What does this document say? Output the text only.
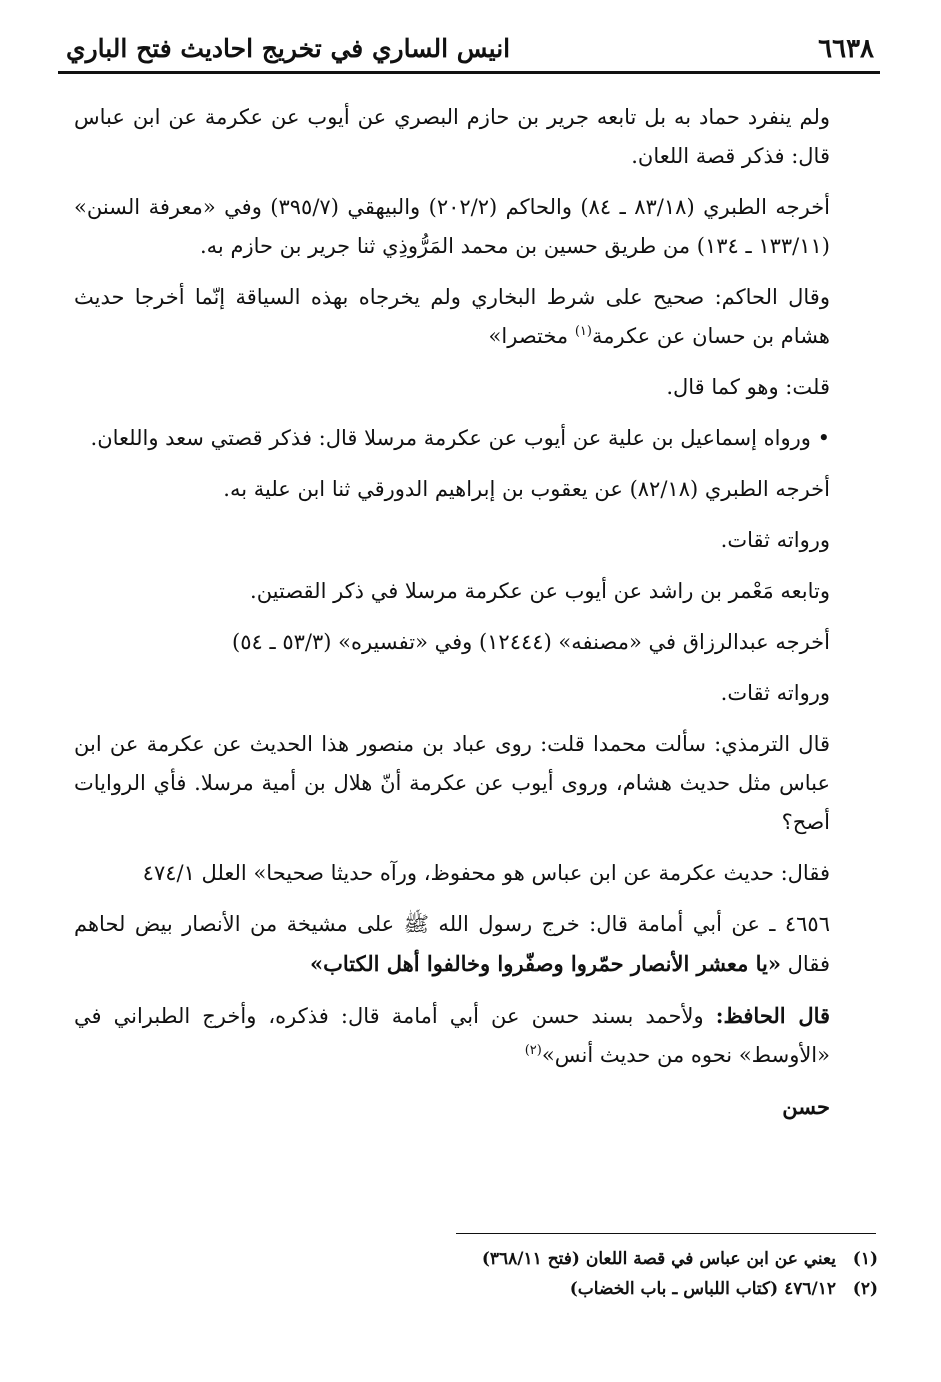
٦٦٣٨
انيس الساري في تخريج احاديث فتح الباري

ولم ينفرد حماد به بل تابعه جرير بن حازم البصري عن أيوب عن عكرمة عن ابن عباس قال: فذكر قصة اللعان.

أخرجه الطبري (٨٣/١٨ ـ ٨٤) والحاكم (٢٠٢/٢) والبيهقي (٣٩٥/٧) وفي «معرفة السنن» (١٣٣/١١ ـ ١٣٤) من طريق حسين بن محمد المَرُّوذِي ثنا جرير بن حازم به.

وقال الحاكم: صحيح على شرط البخاري ولم يخرجاه بهذه السياقة إنّما أخرجا حديث هشام بن حسان عن عكرمة$^{(١)}$ مختصرا»

قلت: وهو كما قال.

• ورواه إسماعيل بن علية عن أيوب عن عكرمة مرسلا قال: فذكر قصتي سعد واللعان.

أخرجه الطبري (٨٢/١٨) عن يعقوب بن إبراهيم الدورقي ثنا ابن علية به.

ورواته ثقات.

وتابعه مَعْمر بن راشد عن أيوب عن عكرمة مرسلا في ذكر القصتين.

أخرجه عبدالرزاق في «مصنفه» (١٢٤٤٤) وفي «تفسيره» (٥٣/٣ ـ ٥٤)

ورواته ثقات.

قال الترمذي: سألت محمدا قلت: روى عباد بن منصور هذا الحديث عن عكرمة عن ابن عباس مثل حديث هشام، وروى أيوب عن عكرمة أنّ هلال بن أمية مرسلا. فأي الروايات أصح؟

فقال: حديث عكرمة عن ابن عباس هو محفوظ، ورآه حديثا صحيحا» العلل ٤٧٤/١

٤٦٥٦ ـ عن أبي أمامة قال: خرج رسول الله ﷺ على مشيخة من الأنصار بيض لحاهم فقال «يا معشر الأنصار حمّروا وصفّروا وخالفوا أهل الكتاب»

قال الحافظ: ولأحمد بسند حسن عن أبي أمامة قال: فذكره، وأخرج الطبراني في «الأوسط» نحوه من حديث أنس»$^{(٢)}$

حسن

(١)يعني عن ابن عباس في قصة اللعان (فتح ٣٦٨/١١)
(٢)٤٧٦/١٢ (كتاب اللباس ـ باب الخضاب)
